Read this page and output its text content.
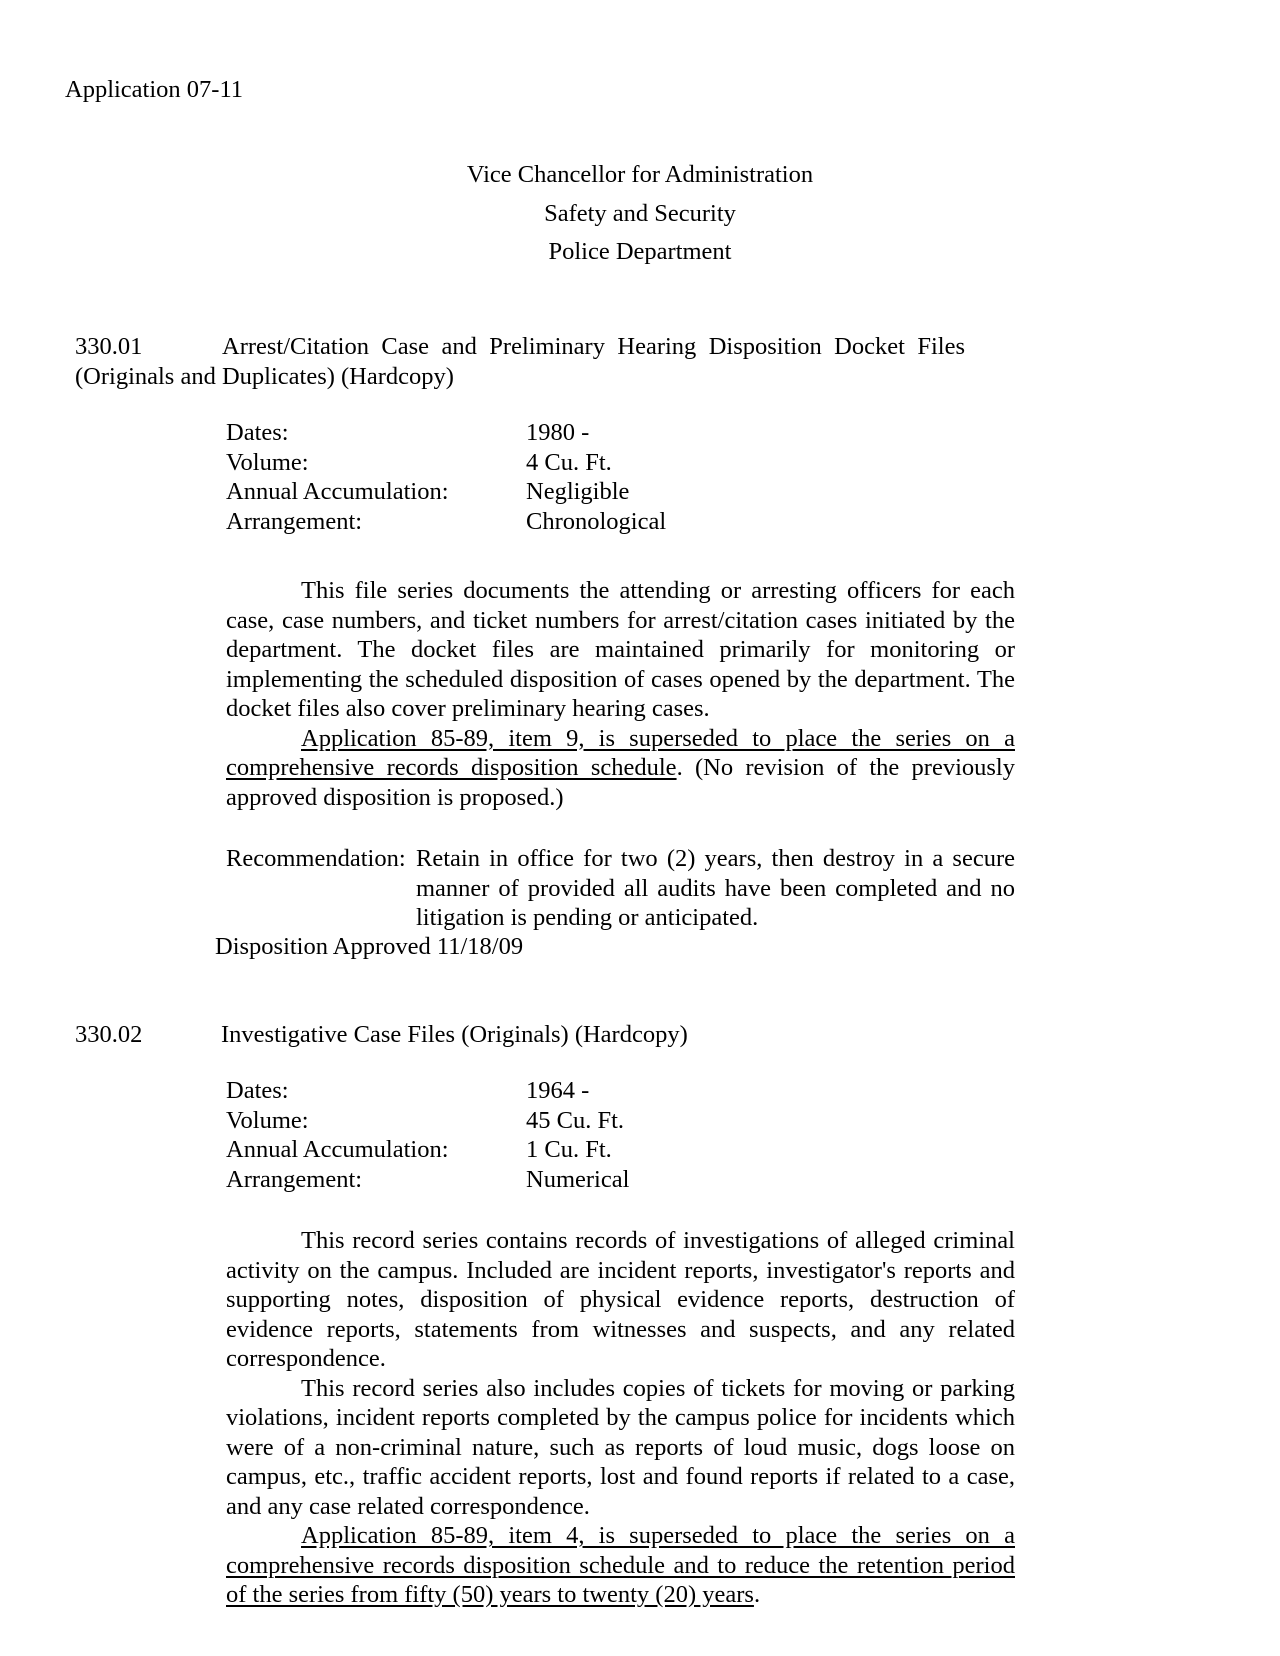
Application 07-11
Vice Chancellor for Administration
Safety and Security
Police Department
330.01	Arrest/Citation Case and Preliminary Hearing Disposition Docket Files (Originals and Duplicates) (Hardcopy)
Dates:	1980 -
Volume:	4 Cu. Ft.
Annual Accumulation:	Negligible
Arrangement:	Chronological

This file series documents the attending or arresting officers for each case, case numbers, and ticket numbers for arrest/citation cases initiated by the department. The docket files are maintained primarily for monitoring or implementing the scheduled disposition of cases opened by the department. The docket files also cover preliminary hearing cases.

Application 85-89, item 9, is superseded to place the series on a comprehensive records disposition schedule. (No revision of the previously approved disposition is proposed.)

Recommendation: Retain in office for two (2) years, then destroy in a secure manner of provided all audits have been completed and no litigation is pending or anticipated.
Disposition Approved 11/18/09
330.02	Investigative Case Files (Originals) (Hardcopy)
Dates:	1964 -
Volume:	45 Cu. Ft.
Annual Accumulation:	1 Cu. Ft.
Arrangement:	Numerical

This record series contains records of investigations of alleged criminal activity on the campus. Included are incident reports, investigator's reports and supporting notes, disposition of physical evidence reports, destruction of evidence reports, statements from witnesses and suspects, and any related correspondence.

This record series also includes copies of tickets for moving or parking violations, incident reports completed by the campus police for incidents which were of a non-criminal nature, such as reports of loud music, dogs loose on campus, etc., traffic accident reports, lost and found reports if related to a case, and any case related correspondence.

Application 85-89, item 4, is superseded to place the series on a comprehensive records disposition schedule and to reduce the retention period of the series from fifty (50) years to twenty (20) years.
